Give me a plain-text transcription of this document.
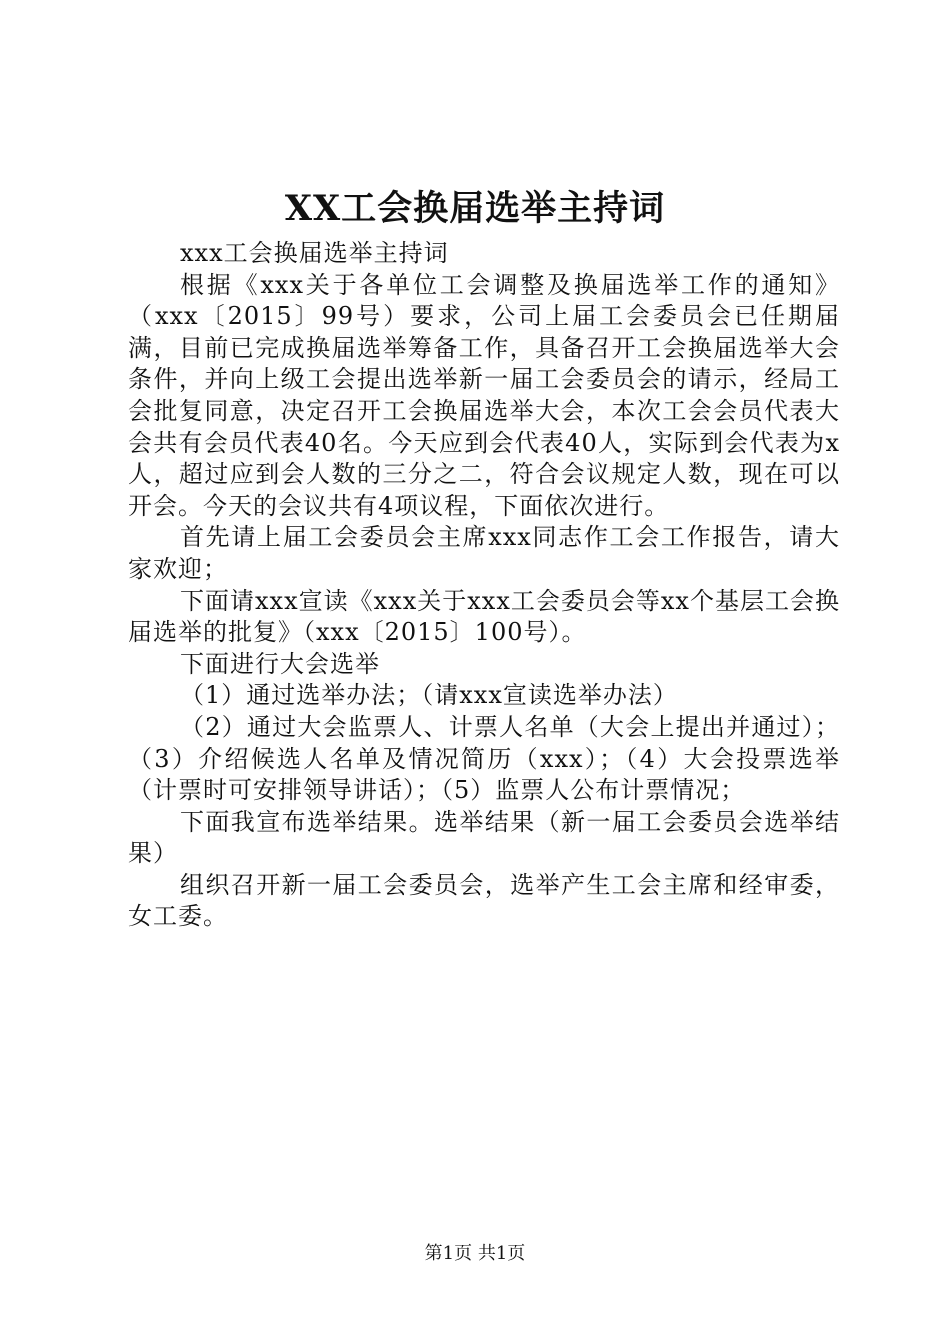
XX工会换届选举主持词

xxx工会换届选举主持词

根据《xxx关于各单位工会调整及换届选举工作的通知》（xxx〔2015〕99号）要求，公司上届工会委员会已任期届满，目前已完成换届选举筹备工作，具备召开工会换届选举大会条件，并向上级工会提出选举新一届工会委员会的请示，经局工会批复同意，决定召开工会换届选举大会，本次工会会员代表大会共有会员代表40名。今天应到会代表40人，实际到会代表为x人，超过应到会人数的三分之二，符合会议规定人数，现在可以开会。今天的会议共有4项议程，下面依次进行。

首先请上届工会委员会主席xxx同志作工会工作报告，请大家欢迎；

下面请xxx宣读《xxx关于xxx工会委员会等xx个基层工会换届选举的批复》（xxx〔2015〕100号）。

下面进行大会选举

（1）通过选举办法；（请xxx宣读选举办法）

（2）通过大会监票人、计票人名单（大会上提出并通过）；（3）介绍候选人名单及情况简历（xxx）；（4）大会投票选举（计票时可安排领导讲话）；（5）监票人公布计票情况；

下面我宣布选举结果。选举结果（新一届工会委员会选举结果）

组织召开新一届工会委员会，选举产生工会主席和经审委，女工委。

第1页 共1页
